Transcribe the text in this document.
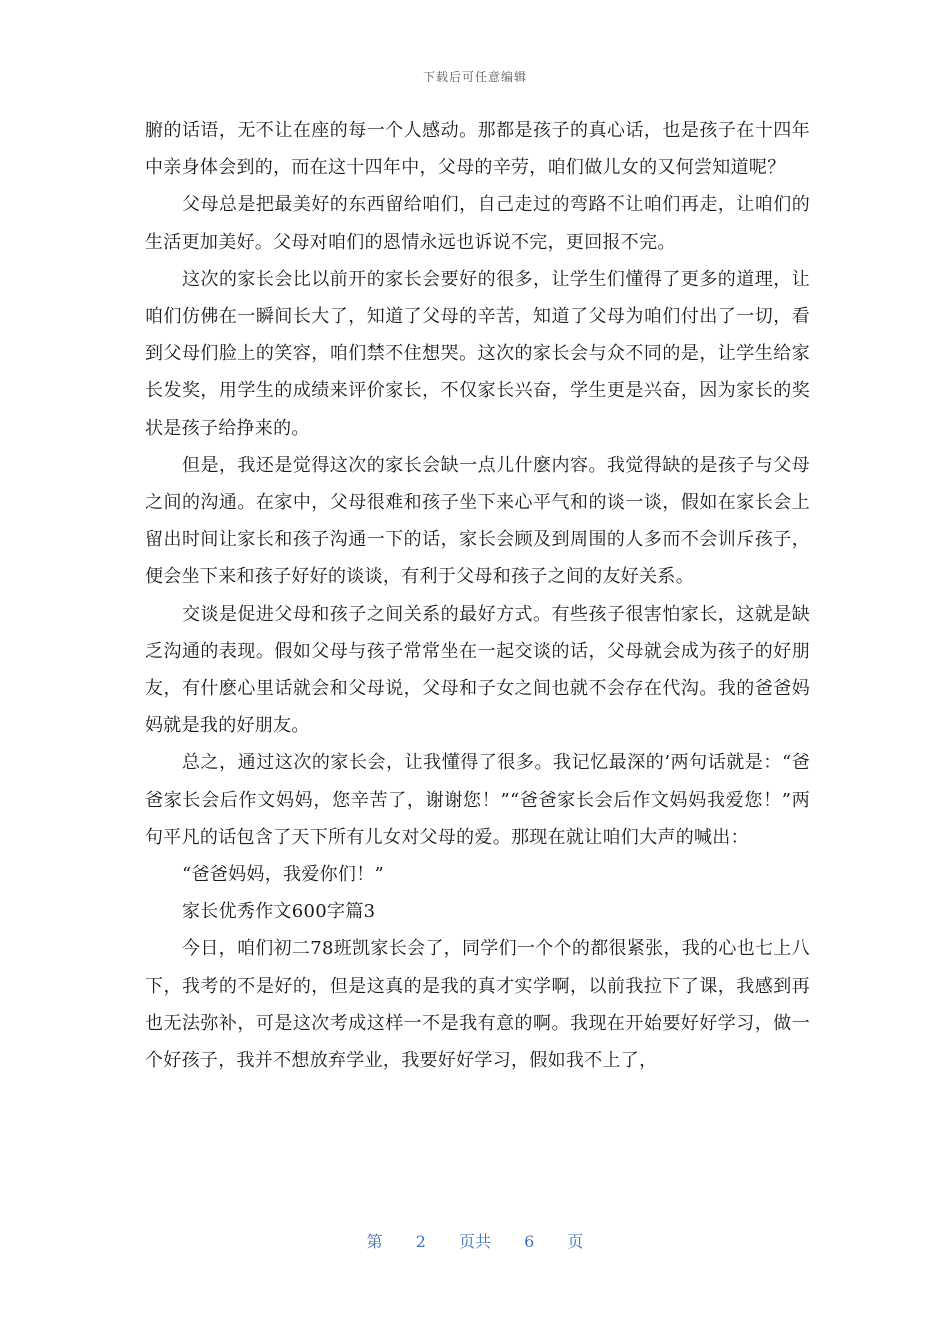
下载后可任意编辑

腑的话语，无不让在座的每一个人感动。那都是孩子的真心话，也是孩子在十四年中亲身体会到的，而在这十四年中，父母的辛劳，咱们做儿女的又何尝知道呢？

父母总是把最美好的东西留给咱们，自己走过的弯路不让咱们再走，让咱们的生活更加美好。父母对咱们的恩情永远也诉说不完，更回报不完。

这次的家长会比以前开的家长会要好的很多，让学生们懂得了更多的道理，让咱们仿佛在一瞬间长大了，知道了父母的辛苦，知道了父母为咱们付出了一切，看到父母们脸上的笑容，咱们禁不住想哭。这次的家长会与众不同的是，让学生给家长发奖，用学生的成绩来评价家长，不仅家长兴奋，学生更是兴奋，因为家长的奖状是孩子给挣来的。

但是，我还是觉得这次的家长会缺一点儿什麽内容。我觉得缺的是孩子与父母之间的沟通。在家中，父母很难和孩子坐下来心平气和的谈一谈，假如在家长会上留出时间让家长和孩子沟通一下的话，家长会顾及到周围的人多而不会训斥孩子，便会坐下来和孩子好好的谈谈，有利于父母和孩子之间的友好关系。

交谈是促进父母和孩子之间关系的最好方式。有些孩子很害怕家长，这就是缺乏沟通的表现。假如父母与孩子常常坐在一起交谈的话，父母就会成为孩子的好朋友，有什麽心里话就会和父母说，父母和子女之间也就不会存在代沟。我的爸爸妈妈就是我的好朋友。

总之，通过这次的家长会，让我懂得了很多。我记忆最深的’两句话就是：“爸爸家长会后作文妈妈，您辛苦了，谢谢您！”“爸爸家长会后作文妈妈我爱您！”两句平凡的话包含了天下所有儿女对父母的爱。那现在就让咱们大声的喊出：

“爸爸妈妈，我爱你们！”

家长优秀作文600字篇3

今日，咱们初二78班凯家长会了，同学们一个个的都很紧张，我的心也七上八下，我考的不是好的，但是这真的是我的真才实学啊，以前我拉下了课，我感到再也无法弥补，可是这次考成这样一不是我有意的啊。我现在开始要好好学习，做一个好孩子，我并不想放弃学业，我要好好学习，假如我不上了，

第 2 页共 6 页
